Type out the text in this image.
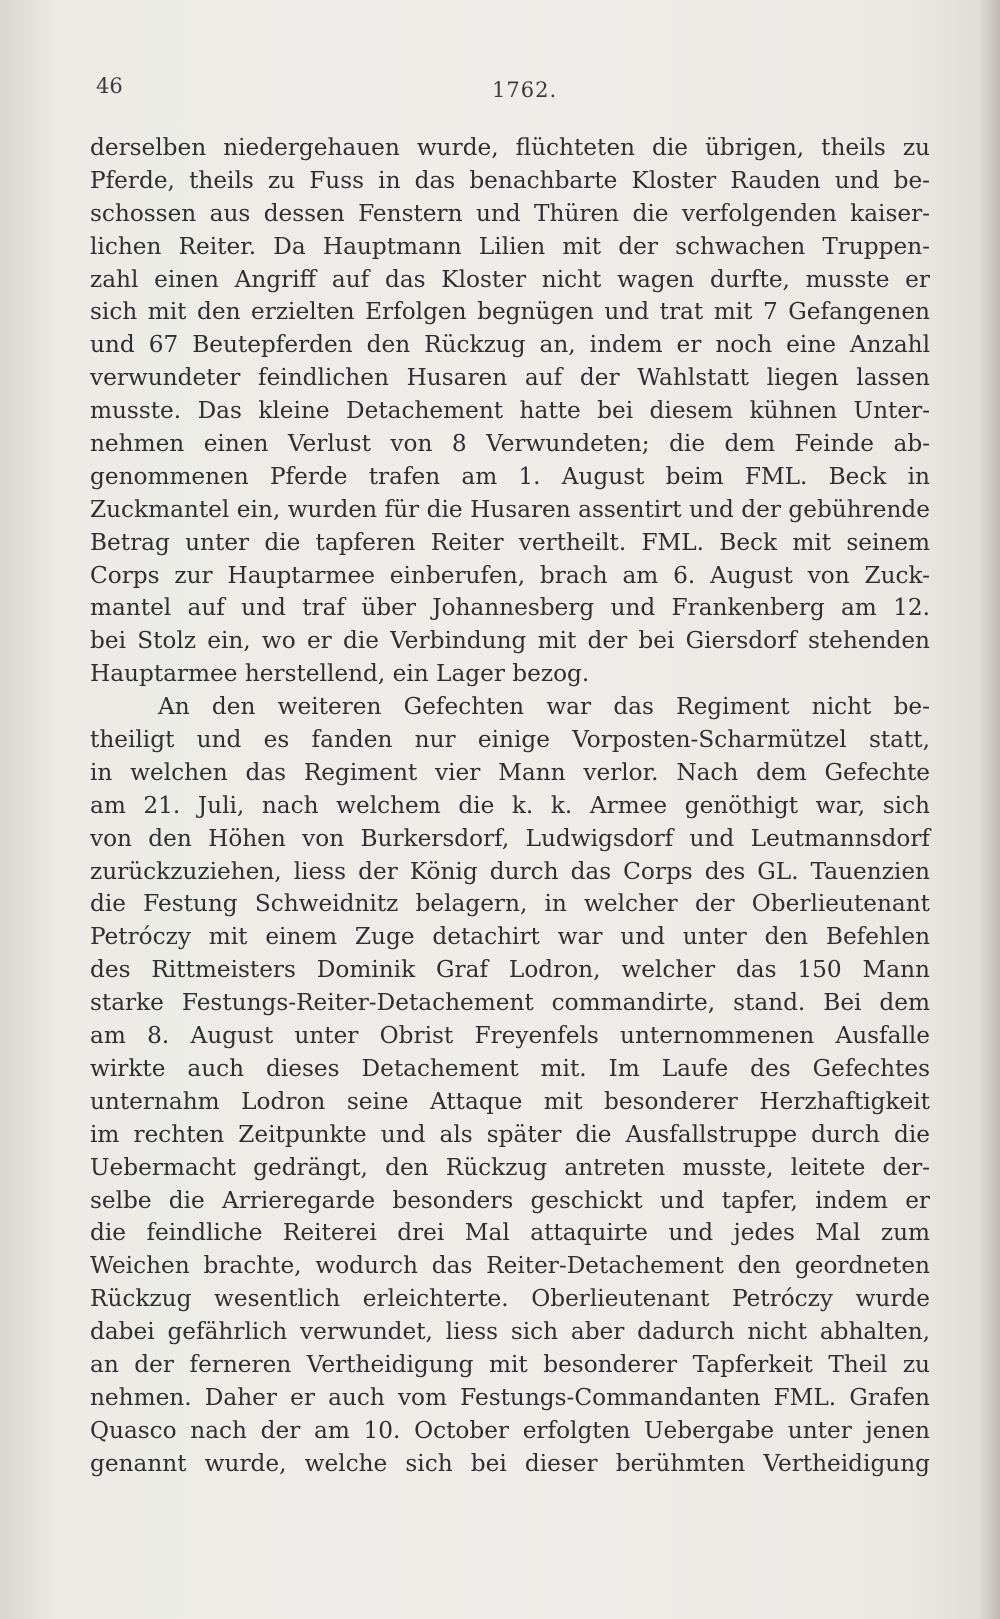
46	1762.
derselben niedergehauen wurde, flüchteten die übrigen, theils zu
Pferde, theils zu Fuss in das benachbarte Kloster Rauden und be-
schossen aus dessen Fenstern und Thüren die verfolgenden kaiser-
lichen Reiter. Da Hauptmann Lilien mit der schwachen Truppen-
zahl einen Angriff auf das Kloster nicht wagen durfte, musste er
sich mit den erzielten Erfolgen begnügen und trat mit 7 Gefangenen
und 67 Beutepferden den Rückzug an, indem er noch eine Anzahl
verwundeter feindlichen Husaren auf der Wahlstatt liegen lassen
musste. Das kleine Detachement hatte bei diesem kühnen Unter-
nehmen einen Verlust von 8 Verwundeten; die dem Feinde ab-
genommenen Pferde trafen am 1. August beim FML. Beck in
Zuckmantel ein, wurden für die Husaren assentirt und der gebührende
Betrag unter die tapferen Reiter vertheilt. FML. Beck mit seinem
Corps zur Hauptarmee einberufen, brach am 6. August von Zuck-
mantel auf und traf über Johannesberg und Frankenberg am 12.
bei Stolz ein, wo er die Verbindung mit der bei Giersdorf stehenden
Hauptarmee herstellend, ein Lager bezog.
An den weiteren Gefechten war das Regiment nicht be-
theiligt und es fanden nur einige Vorposten-Scharmützel statt,
in welchen das Regiment vier Mann verlor. Nach dem Gefechte
am 21. Juli, nach welchem die k. k. Armee genöthigt war, sich
von den Höhen von Burkersdorf, Ludwigsdorf und Leutmannsdorf
zurückzuziehen, liess der König durch das Corps des GL. Tauenzien
die Festung Schweidnitz belagern, in welcher der Oberlieutenant
Petróczy mit einem Zuge detachirt war und unter den Befehlen
des Rittmeisters Dominik Graf Lodron, welcher das 150 Mann
starke Festungs-Reiter-Detachement commandirte, stand. Bei dem
am 8. August unter Obrist Freyenfels unternommenen Ausfalle
wirkte auch dieses Detachement mit. Im Laufe des Gefechtes
unternahm Lodron seine Attaque mit besonderer Herzhaftigkeit
im rechten Zeitpunkte und als später die Ausfallstruppe durch die
Uebermacht gedrängt, den Rückzug antreten musste, leitete der-
selbe die Arrieregarde besonders geschickt und tapfer, indem er
die feindliche Reiterei drei Mal attaquirte und jedes Mal zum
Weichen brachte, wodurch das Reiter-Detachement den geordneten
Rückzug wesentlich erleichterte. Oberlieutenant Petróczy wurde
dabei gefährlich verwundet, liess sich aber dadurch nicht abhalten,
an der ferneren Vertheidigung mit besonderer Tapferkeit Theil zu
nehmen. Daher er auch vom Festungs-Commandanten FML. Grafen
Quasco nach der am 10. October erfolgten Uebergabe unter jenen
genannt wurde, welche sich bei dieser berühmten Vertheidigung
